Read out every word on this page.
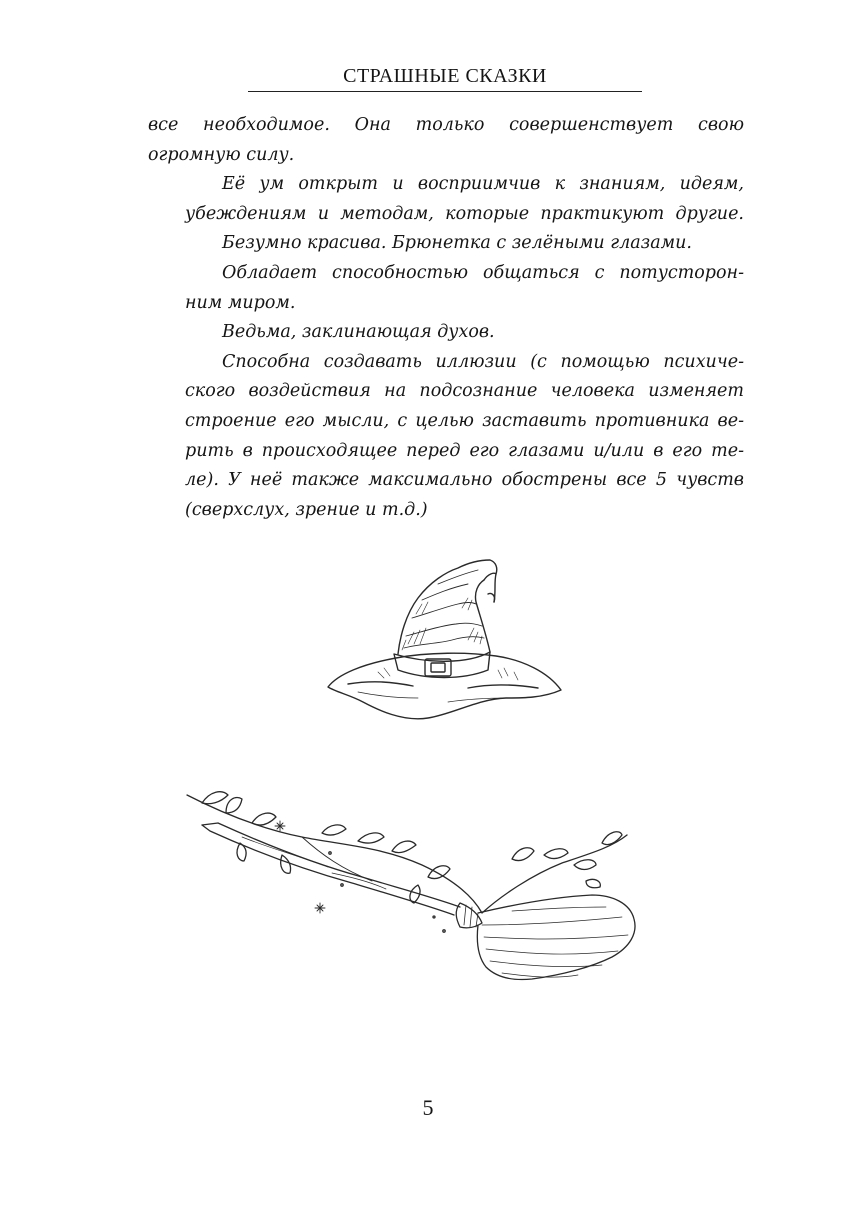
СТРАШНЫЕ СКАЗКИ

все необходимое. Она только совершенствует свою
огромную силу.

Её ум открыт и восприимчив к знаниям, идеям,
убеждениям и методам, которые практикуют другие.

Безумно красива. Брюнетка с зелёными глазами.

Обладает способностью общаться с потусторон-
ним миром.

Ведьма, заклинающая духов.

Способна создавать иллюзии (с помощью психиче-
ского воздействия на подсознание человека изменяет
строение его мысли, с целью заставить противника ве-
рить в происходящее перед его глазами и/или в его те-
ле). У неё также максимально обострены все 5 чувств
(сверхслух, зрение и т.д.)

5
